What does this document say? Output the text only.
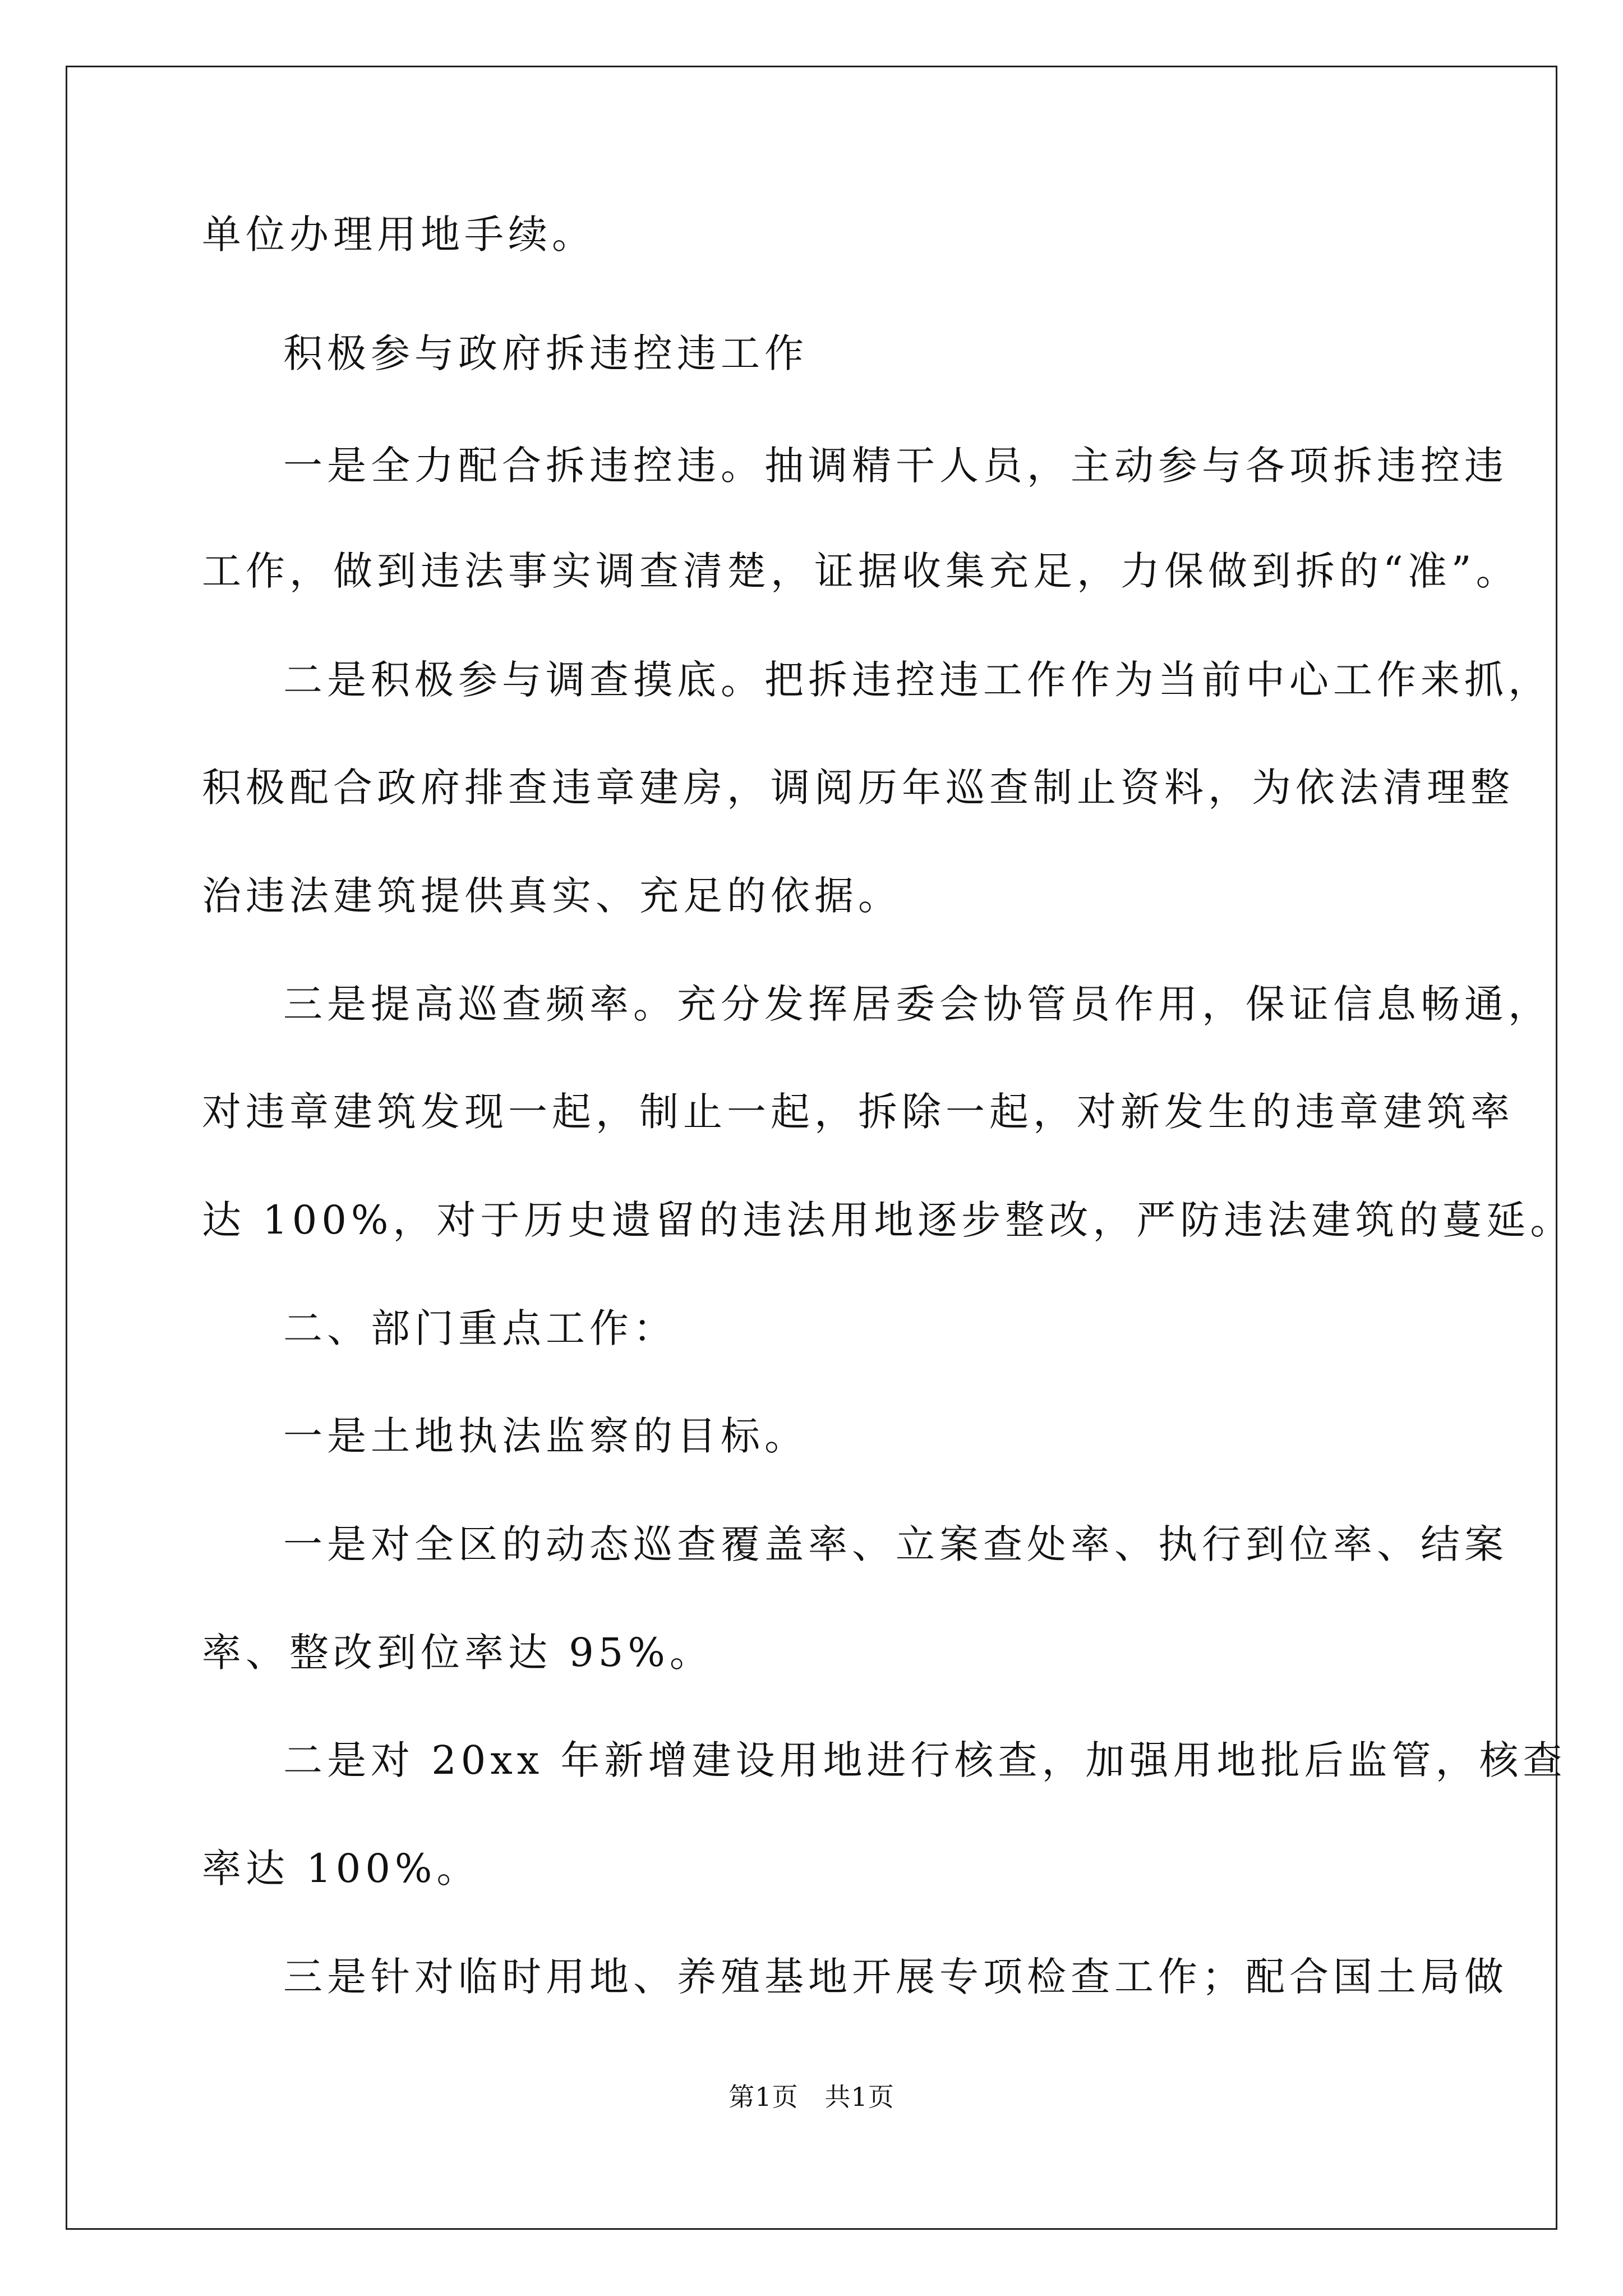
单位办理用地手续。
积极参与政府拆违控违工作
一是全力配合拆违控违。抽调精干人员，主动参与各项拆违控违
工作，做到违法事实调查清楚，证据收集充足，力保做到拆的“准”。
二是积极参与调查摸底。把拆违控违工作作为当前中心工作来抓，
积极配合政府排查违章建房，调阅历年巡查制止资料，为依法清理整
治违法建筑提供真实、充足的依据。
三是提高巡查频率。充分发挥居委会协管员作用，保证信息畅通，
对违章建筑发现一起，制止一起，拆除一起，对新发生的违章建筑率
达 100%，对于历史遗留的违法用地逐步整改，严防违法建筑的蔓延。
二、部门重点工作：
一是土地执法监察的目标。
一是对全区的动态巡查覆盖率、立案查处率、执行到位率、结案
率、整改到位率达 95%。
二是对 20xx 年新增建设用地进行核查，加强用地批后监管，核查
率达 100%。
三是针对临时用地、养殖基地开展专项检查工作；配合国土局做
第1页   共1页
